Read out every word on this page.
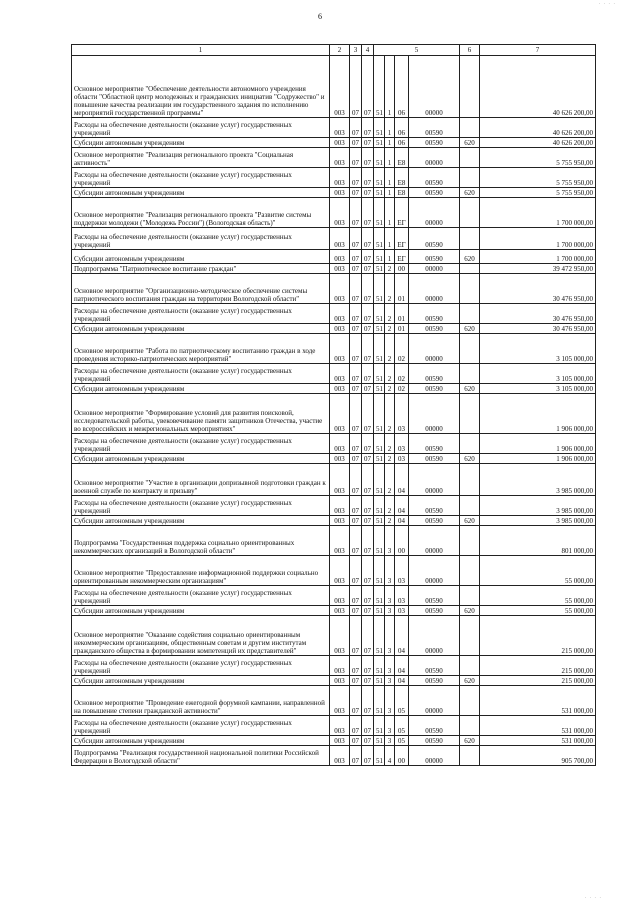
· · · ·
6
1	2	3	4	5				6	7
Основное мероприятие "Обеспечение деятельности автономного учреждения области "Областной центр молодежных и гражданских инициатив "Содружество" и повышение качества реализации им государственного задания по исполнению мероприятий государственной программы"	003	07	07	51	1	06	00000		40 626 200,00
Расходы на обеспечение деятельности (оказание услуг) государственных учреждений	003	07	07	51	1	06	00590		40 626 200,00
Субсидии автономным учреждениям	003	07	07	51	1	06	00590	620	40 626 200,00
Основное мероприятие "Реализация регионального проекта "Социальная активность"	003	07	07	51	1	E8	00000		5 755 950,00
Расходы на обеспечение деятельности (оказание услуг) государственных учреждений	003	07	07	51	1	E8	00590		5 755 950,00
Субсидии автономным учреждениям	003	07	07	51	1	E8	00590	620	5 755 950,00
Основное мероприятие "Реализация регионального проекта "Развитие системы поддержки молодежи ("Молодежь России") (Вологодская область)"	003	07	07	51	1	ЕГ	00000		1 700 000,00
Расходы на обеспечение деятельности (оказание услуг) государственных учреждений	003	07	07	51	1	ЕГ	00590		1 700 000,00
Субсидии автономным учреждениям	003	07	07	51	1	ЕГ	00590	620	1 700 000,00
Подпрограмма "Патриотическое воспитание граждан"	003	07	07	51	2	00	00000		39 472 950,00
Основное мероприятие "Организационно-методическое обеспечение системы патриотического воспитания граждан на территории Вологодской области"	003	07	07	51	2	01	00000		30 476 950,00
Расходы на обеспечение деятельности (оказание услуг) государственных учреждений	003	07	07	51	2	01	00590		30 476 950,00
Субсидии автономным учреждениям	003	07	07	51	2	01	00590	620	30 476 950,00
Основное мероприятие "Работа по патриотическому воспитанию граждан в ходе проведения историко-патриотических мероприятий"	003	07	07	51	2	02	00000		3 105 000,00
Расходы на обеспечение деятельности (оказание услуг) государственных учреждений	003	07	07	51	2	02	00590		3 105 000,00
Субсидии автономным учреждениям	003	07	07	51	2	02	00590	620	3 105 000,00
Основное мероприятие "Формирование условий для развития поисковой, исследовательской работы, увековечивание памяти защитников Отечества, участие во всероссийских и межрегиональных мероприятиях"	003	07	07	51	2	03	00000		1 906 000,00
Расходы на обеспечение деятельности (оказание услуг) государственных учреждений	003	07	07	51	2	03	00590		1 906 000,00
Субсидии автономным учреждениям	003	07	07	51	2	03	00590	620	1 906 000,00
Основное мероприятие "Участие в организации допризывной подготовки граждан к военной службе по контракту и призыву"	003	07	07	51	2	04	00000		3 985 000,00
Расходы на обеспечение деятельности (оказание услуг) государственных учреждений	003	07	07	51	2	04	00590		3 985 000,00
Субсидии автономным учреждениям	003	07	07	51	2	04	00590	620	3 985 000,00
Подпрограмма "Государственная поддержка социально ориентированных некоммерческих организаций в Вологодской области"	003	07	07	51	3	00	00000		801 000,00
Основное мероприятие "Предоставление информационной поддержки социально ориентированным некоммерческим организациям"	003	07	07	51	3	03	00000		55 000,00
Расходы на обеспечение деятельности (оказание услуг) государственных учреждений	003	07	07	51	3	03	00590		55 000,00
Субсидии автономным учреждениям	003	07	07	51	3	03	00590	620	55 000,00
Основное мероприятие "Оказание содействия социально ориентированным некоммерческим организациям, общественным советам и другим институтам гражданского общества в формировании компетенций их представителей"	003	07	07	51	3	04	00000		215 000,00
Расходы на обеспечение деятельности (оказание услуг) государственных учреждений	003	07	07	51	3	04	00590		215 000,00
Субсидии автономным учреждениям	003	07	07	51	3	04	00590	620	215 000,00
Основное мероприятие "Проведение ежегодной форумной кампании, направленной на повышение степени гражданской активности"	003	07	07	51	3	05	00000		531 000,00
Расходы на обеспечение деятельности (оказание услуг) государственных учреждений	003	07	07	51	3	05	00590		531 000,00
Субсидии автономным учреждениям	003	07	07	51	3	05	00590	620	531 000,00
Подпрограмма "Реализация государственной национальной политики Российской Федерации в Вологодской области"	003	07	07	51	4	00	00000		905 700,00
· · · ·
